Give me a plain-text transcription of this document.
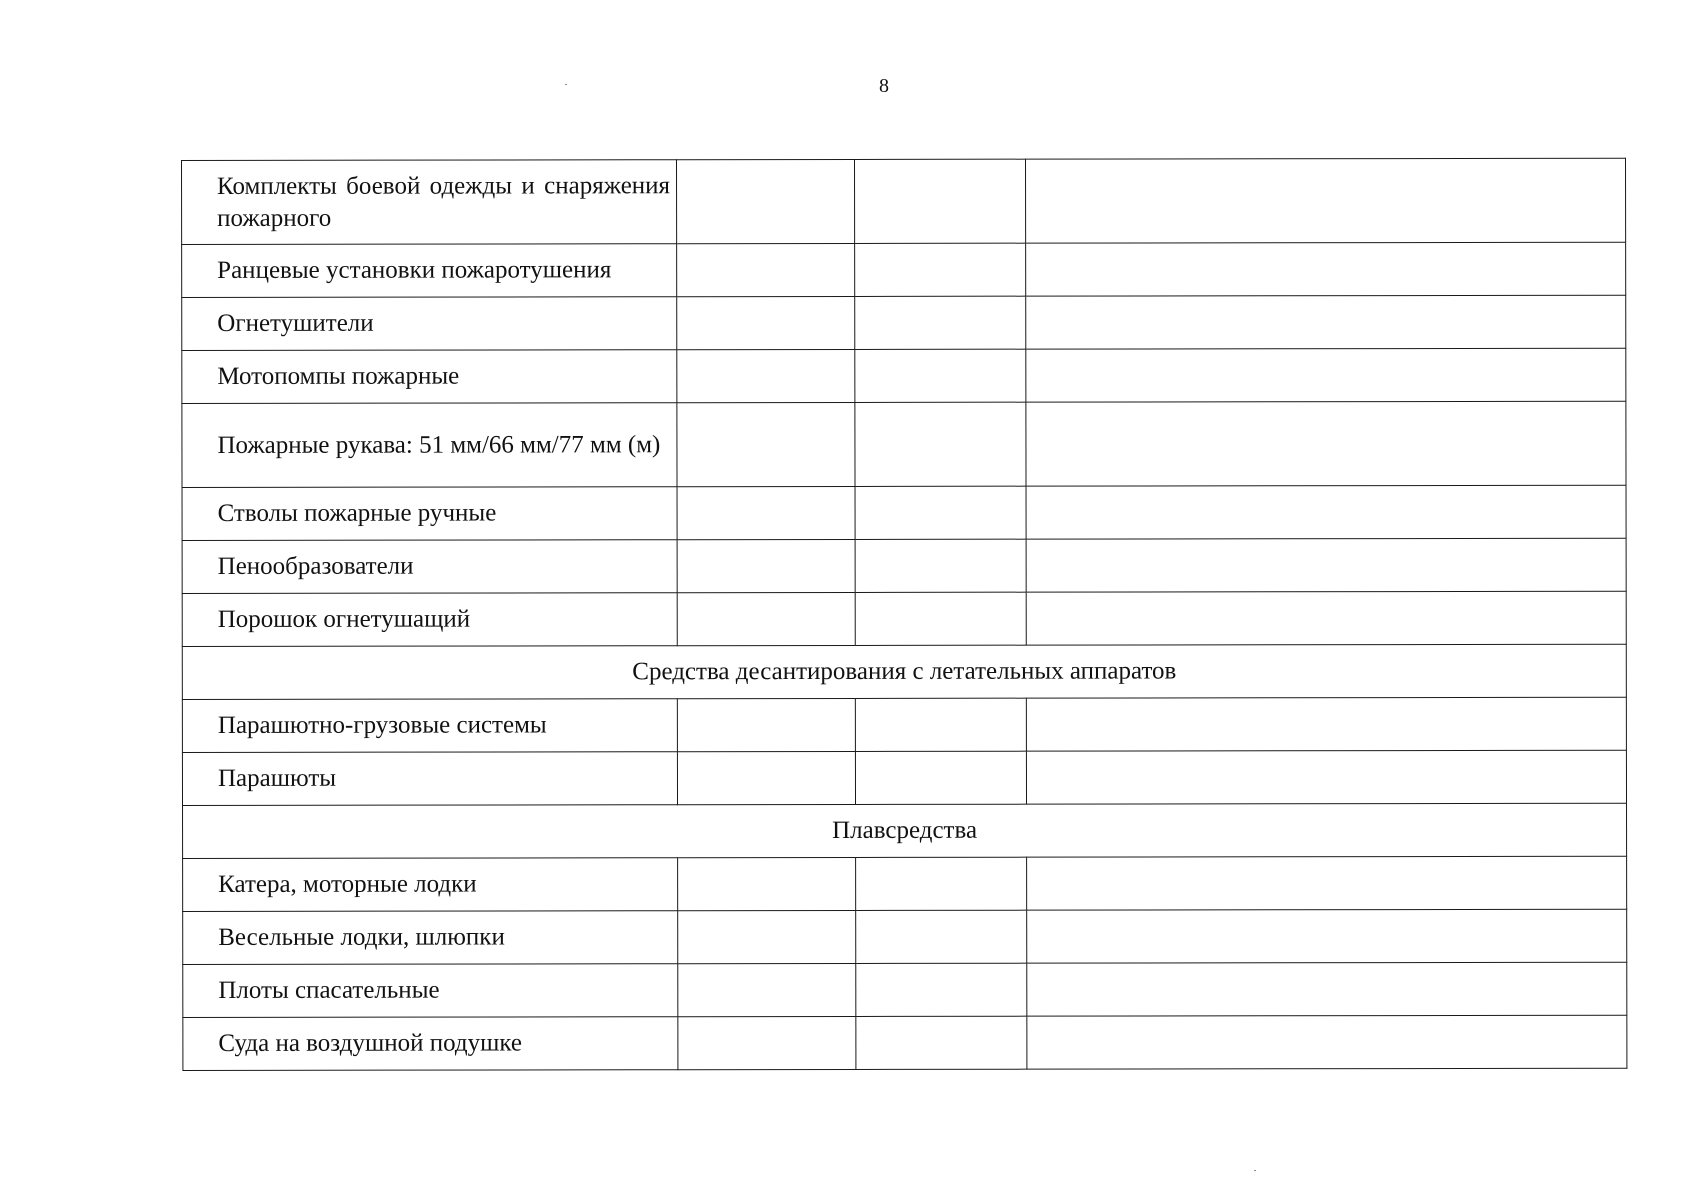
8
Комплекты боевой одежды и снаряжения пожарного			
Ранцевые установки пожаротушения			
Огнетушители			
Мотопомпы пожарные			
Пожарные рукава: 51 мм/66 мм/77 мм (м)			
Стволы пожарные ручные			
Пенообразователи			
Порошок огнетушащий			
Средства десантирования с летательных аппаратов			
Парашютно-грузовые системы			
Парашюты			
Плавсредства			
Катера, моторные лодки			
Весельные лодки, шлюпки			
Плоты спасательные			
Суда на воздушной подушке			
